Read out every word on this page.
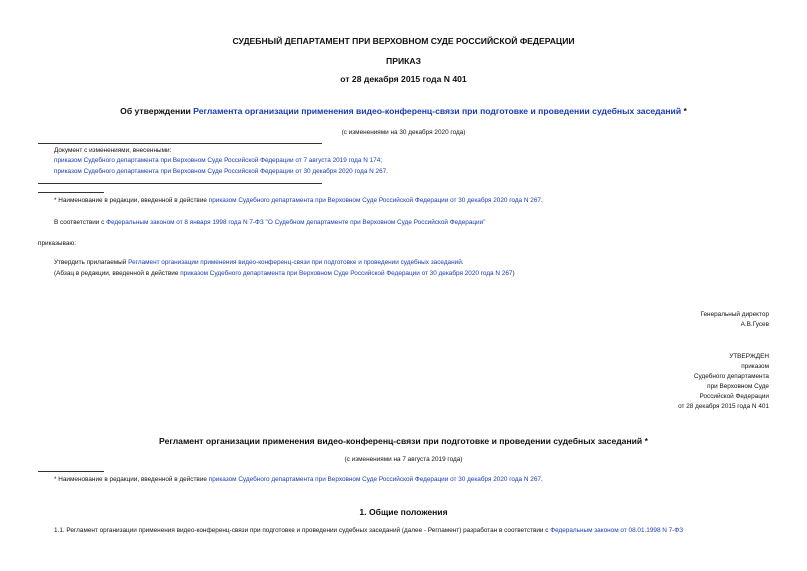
СУДЕБНЫЙ ДЕПАРТАМЕНТ ПРИ ВЕРХОВНОМ СУДЕ РОССИЙСКОЙ ФЕДЕРАЦИИ
ПРИКАЗ
от 28 декабря 2015 года N 401
Об утверждении Регламента организации применения видео-конференц-связи при подготовке и проведении судебных заседаний *
(с изменениями на 30 декабря 2020 года)
Документ с изменениями, внесенными:
приказом Судебного департамента при Верховном Суде Российской Федерации от 7 августа 2019 года N 174;
приказом Судебного департамента при Верховном Суде Российской Федерации от 30 декабря 2020 года N 267.
* Наименование в редакции, введенной в действие приказом Судебного департамента при Верховном Суде Российской Федерации от 30 декабря 2020 года N 267.
В соответствии с Федеральным законом от 8 января 1998 года N 7-ФЗ "О Судебном департаменте при Верховном Суде Российской Федерации"
приказываю:
Утвердить прилагаемый Регламент организации применения видео-конференц-связи при подготовке и проведении судебных заседаний.
(Абзац в редакции, введенной в действие приказом Судебного департамента при Верховном Суде Российской Федерации от 30 декабря 2020 года N 267)
Генеральный директор
А.В.Гусев
УТВЕРЖДЕН
приказом
Судебного департамента
при Верховном Суде
Российской Федерации
от 28 декабря 2015 года N 401
Регламент организации применения видео-конференц-связи при подготовке и проведении судебных заседаний *
(с изменениями на 7 августа 2019 года)
* Наименование в редакции, введенной в действие приказом Судебного департамента при Верховном Суде Российской Федерации от 30 декабря 2020 года N 267.
1. Общие положения
1.1. Регламент организации применения видео-конференц-связи при подготовке и проведении судебных заседаний (далее - Регламент) разработан в соответствии с Федеральным законом от 08.01.1998 N 7-ФЗ
